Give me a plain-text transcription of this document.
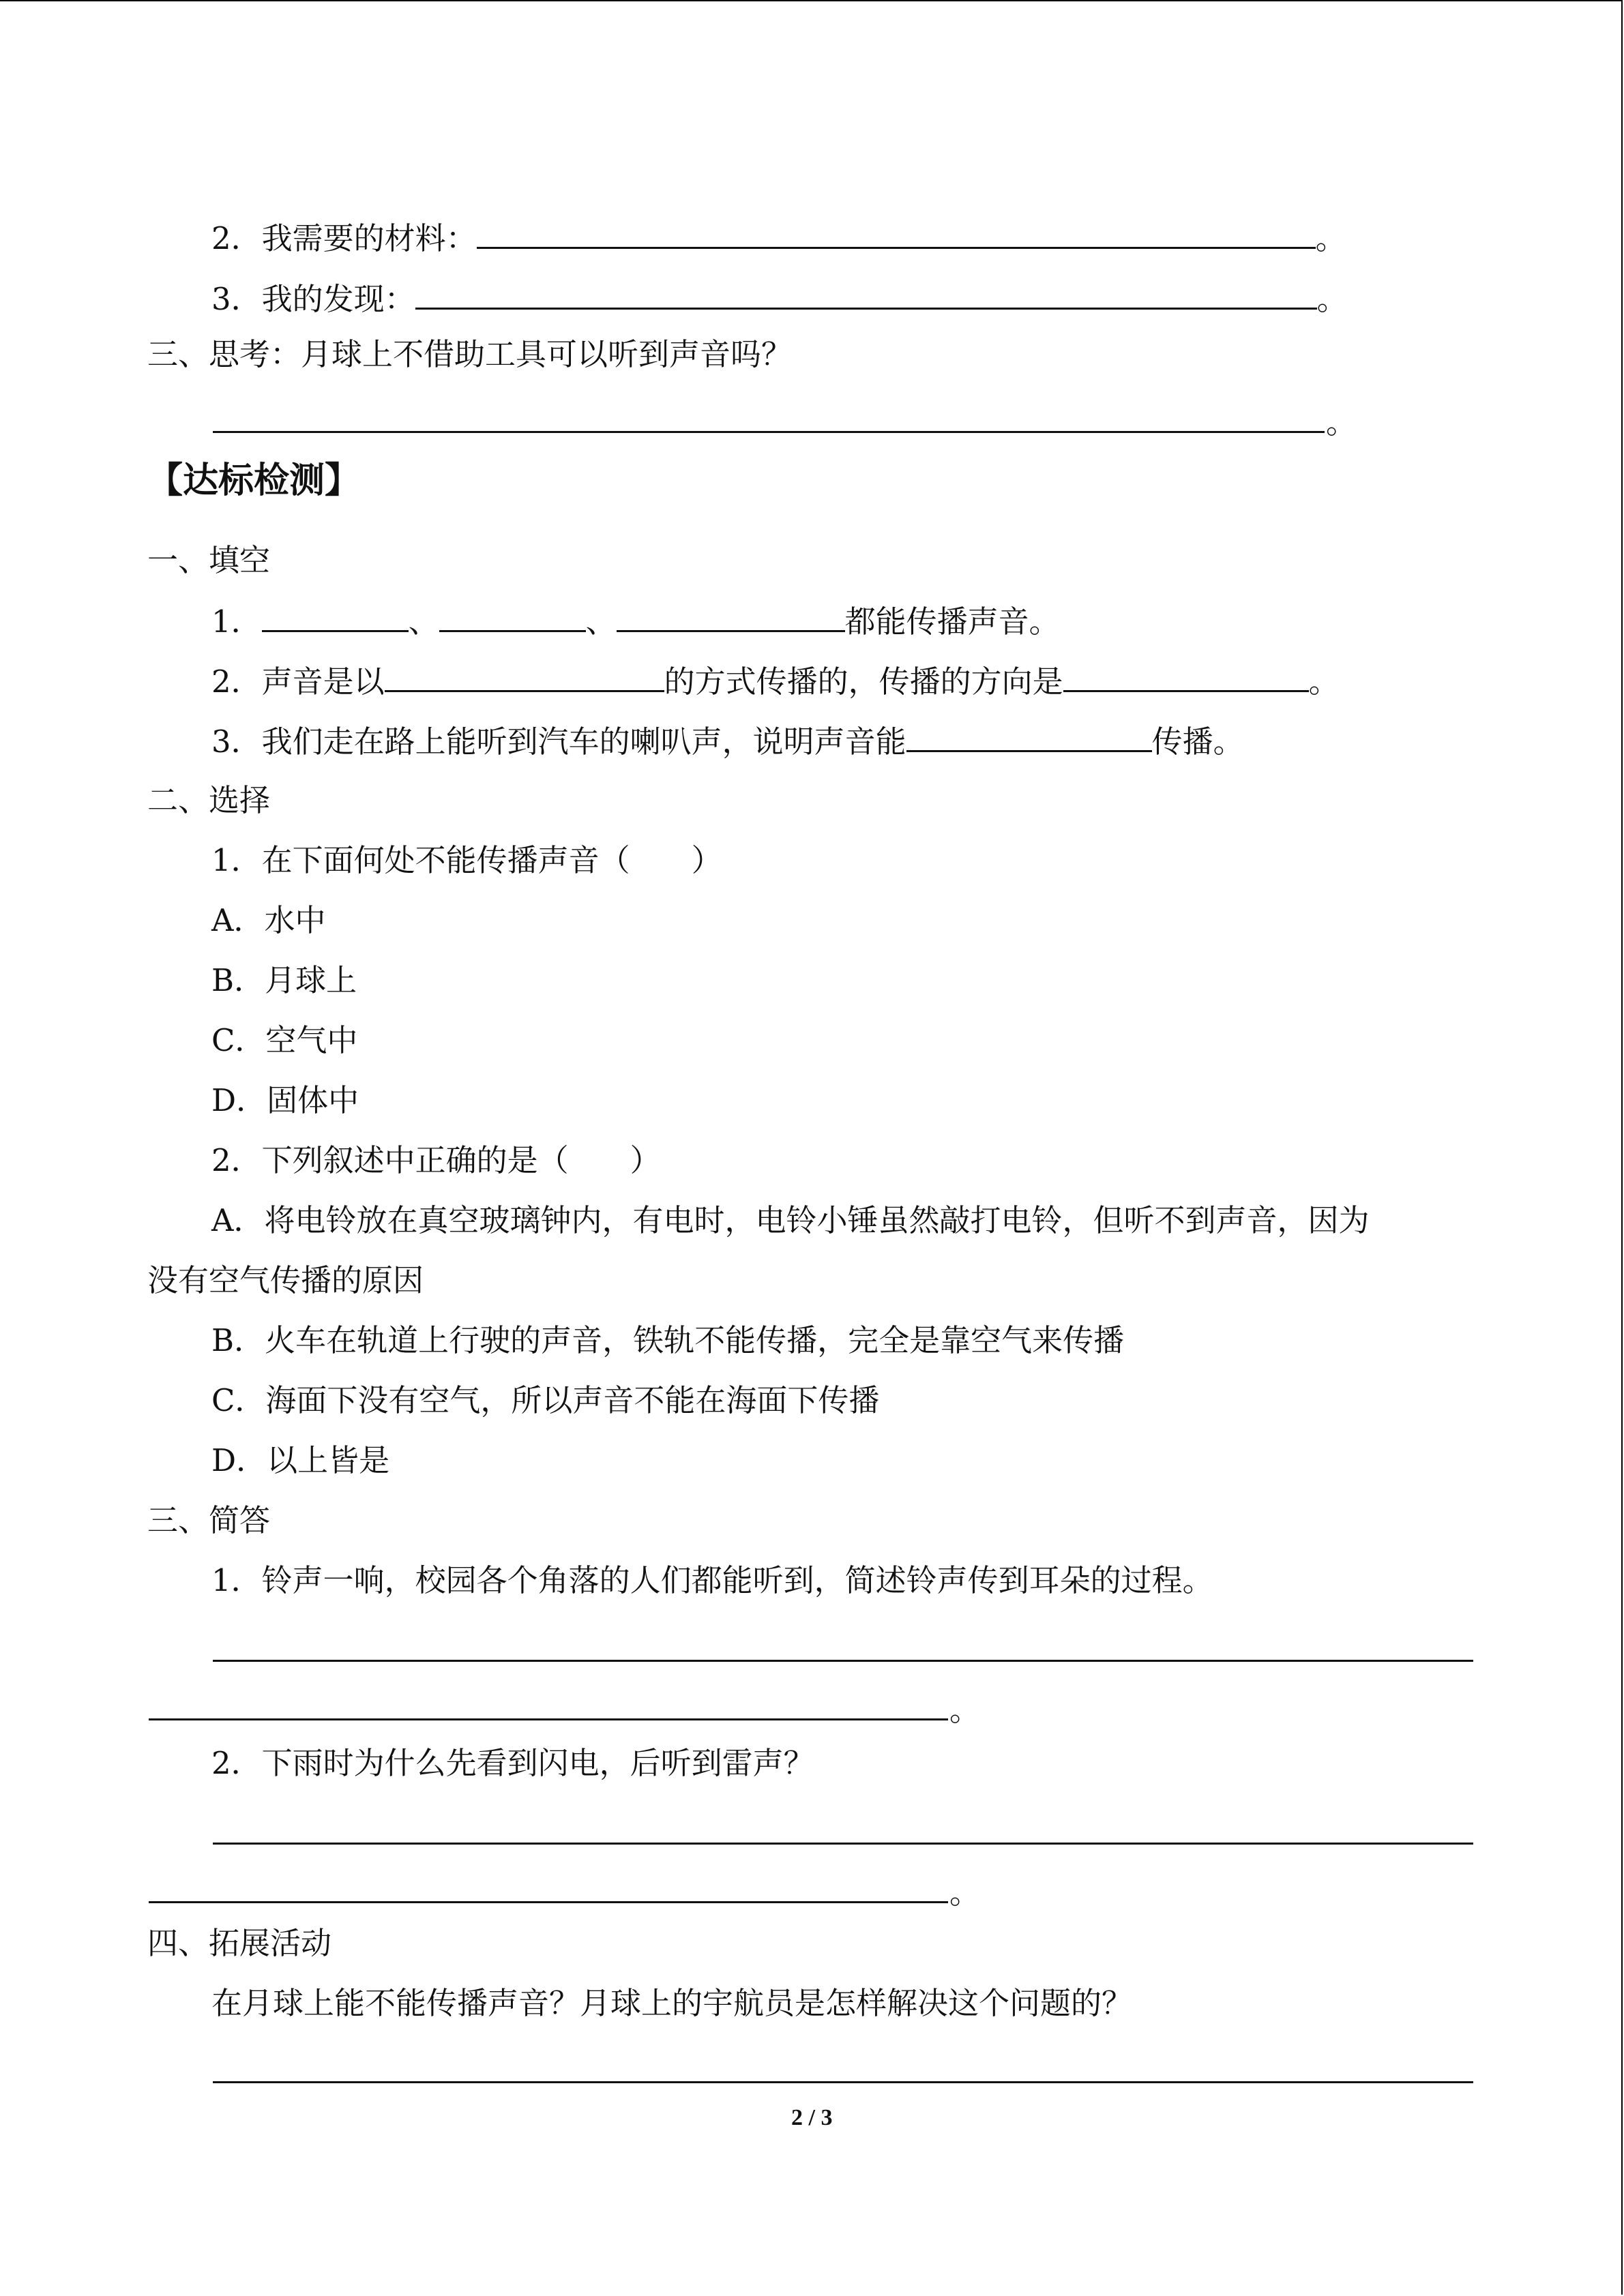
2．我需要的材料：	。
3．我的发现：	。
三、思考：月球上不借助工具可以听到声音吗？
。
【达标检测】
一、填空
1．	、	、	都能传播声音。
2．声音是以	的方式传播的，传播的方向是	。
3．我们走在路上能听到汽车的喇叭声，说明声音能	传播。
二、选择
1．在下面何处不能传播声音（　　）
A．水中
B．月球上
C．空气中
D．固体中
2．下列叙述中正确的是（　　）
A．将电铃放在真空玻璃钟内，有电时，电铃小锤虽然敲打电铃，但听不到声音，因为
没有空气传播的原因
B．火车在轨道上行驶的声音，铁轨不能传播，完全是靠空气来传播
C．海面下没有空气，所以声音不能在海面下传播
D．以上皆是
三、简答
1．铃声一响，校园各个角落的人们都能听到，简述铃声传到耳朵的过程。
。
2．下雨时为什么先看到闪电，后听到雷声？
。
四、拓展活动
在月球上能不能传播声音？月球上的宇航员是怎样解决这个问题的？
2 / 3
